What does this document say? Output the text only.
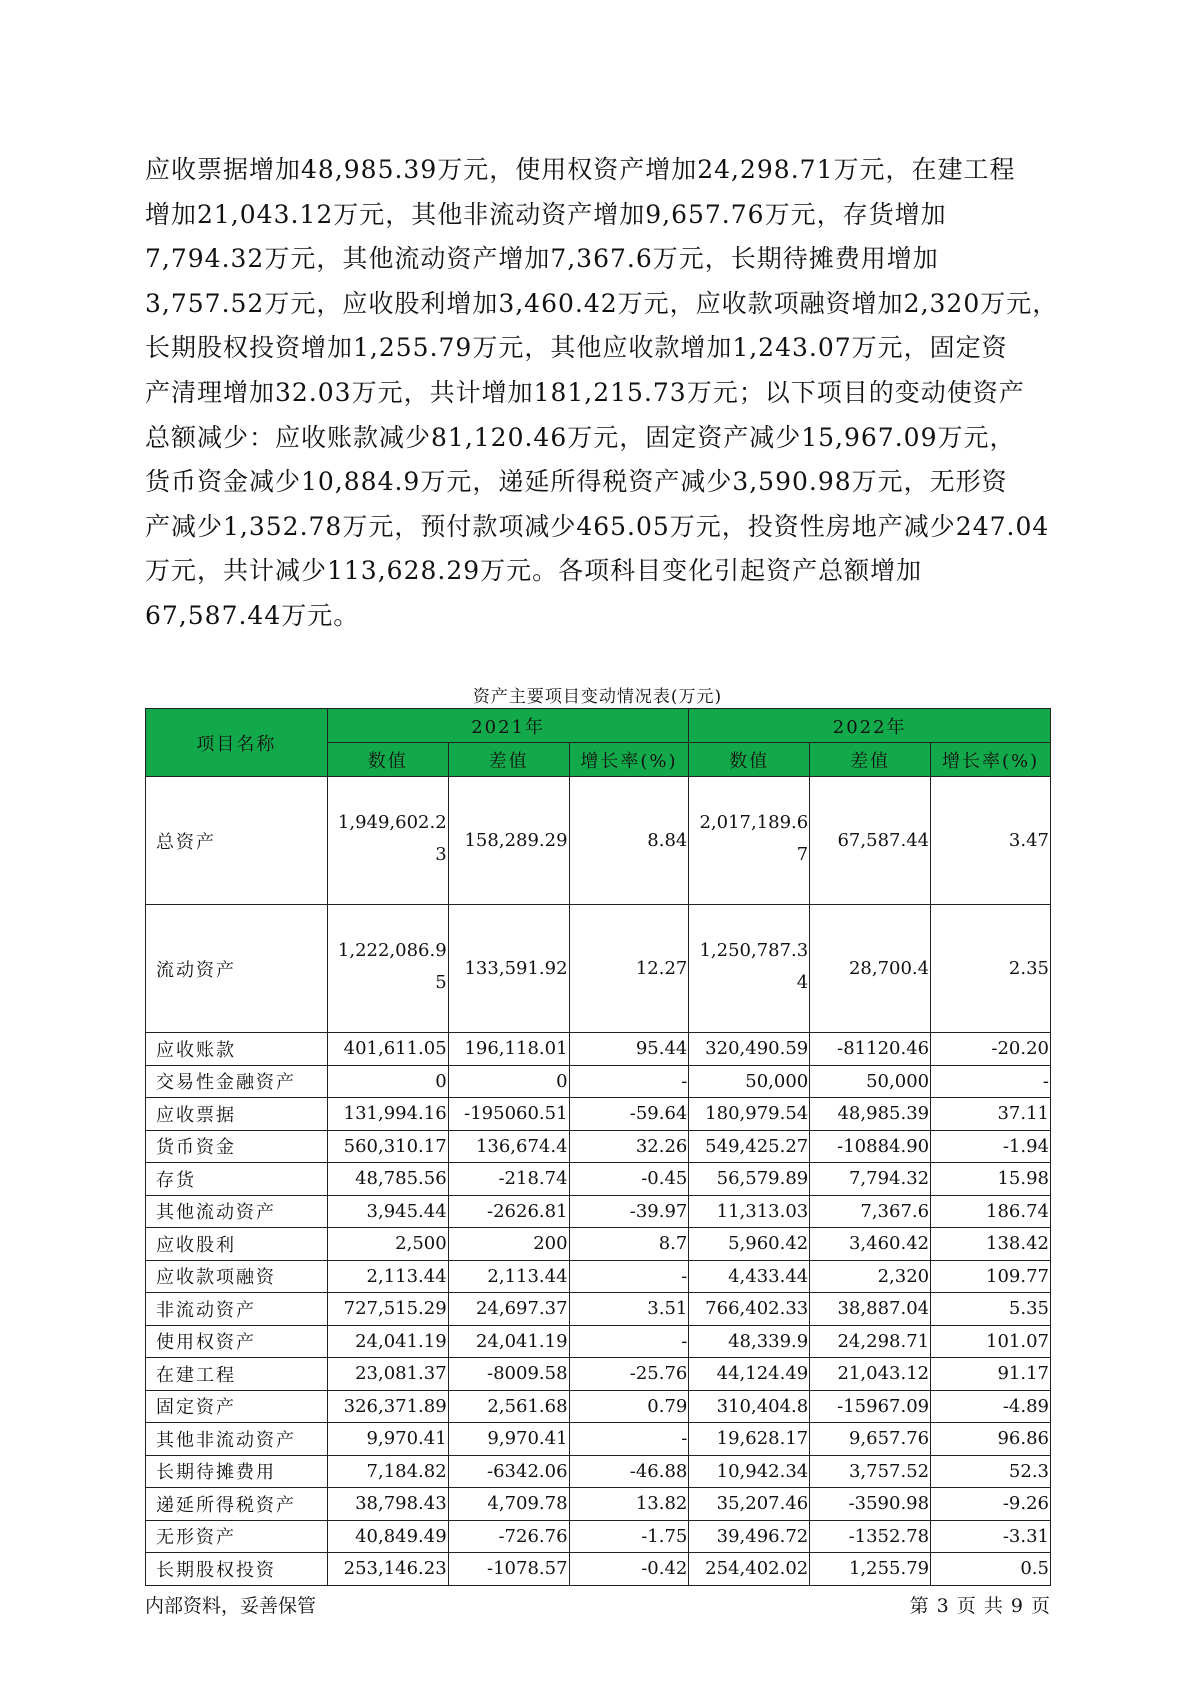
应收票据增加48,985.39万元，使用权资产增加24,298.71万元，在建工程
增加21,043.12万元，其他非流动资产增加9,657.76万元，存货增加
7,794.32万元，其他流动资产增加7,367.6万元，长期待摊费用增加
3,757.52万元，应收股利增加3,460.42万元，应收款项融资增加2,320万元，
长期股权投资增加1,255.79万元，其他应收款增加1,243.07万元，固定资
产清理增加32.03万元，共计增加181,215.73万元；以下项目的变动使资产
总额减少：应收账款减少81,120.46万元，固定资产减少15,967.09万元，
货币资金减少10,884.9万元，递延所得税资产减少3,590.98万元，无形资
产减少1,352.78万元，预付款项减少465.05万元，投资性房地产减少247.04
万元，共计减少113,628.29万元。各项科目变化引起资产总额增加
67,587.44万元。
资产主要项目变动情况表(万元)
项目名称	2021年			2022年		
	数值	差值	增长率(%)	数值	差值	增长率(%)
总资产	1,949,602.23	158,289.29	8.84	2,017,189.67	67,587.44	3.47
流动资产	1,222,086.95	133,591.92	12.27	1,250,787.34	28,700.4	2.35
应收账款	401,611.05	196,118.01	95.44	320,490.59	-81120.46	-20.20
交易性金融资产	0	0	-	50,000	50,000	-
应收票据	131,994.16	-195060.51	-59.64	180,979.54	48,985.39	37.11
货币资金	560,310.17	136,674.4	32.26	549,425.27	-10884.90	-1.94
存货	48,785.56	-218.74	-0.45	56,579.89	7,794.32	15.98
其他流动资产	3,945.44	-2626.81	-39.97	11,313.03	7,367.6	186.74
应收股利	2,500	200	8.7	5,960.42	3,460.42	138.42
应收款项融资	2,113.44	2,113.44	-	4,433.44	2,320	109.77
非流动资产	727,515.29	24,697.37	3.51	766,402.33	38,887.04	5.35
使用权资产	24,041.19	24,041.19	-	48,339.9	24,298.71	101.07
在建工程	23,081.37	-8009.58	-25.76	44,124.49	21,043.12	91.17
固定资产	326,371.89	2,561.68	0.79	310,404.8	-15967.09	-4.89
其他非流动资产	9,970.41	9,970.41	-	19,628.17	9,657.76	96.86
长期待摊费用	7,184.82	-6342.06	-46.88	10,942.34	3,757.52	52.3
递延所得税资产	38,798.43	4,709.78	13.82	35,207.46	-3590.98	-9.26
无形资产	40,849.49	-726.76	-1.75	39,496.72	-1352.78	-3.31
长期股权投资	253,146.23	-1078.57	-0.42	254,402.02	1,255.79	0.5
内部资料，妥善保管	第 3 页 共 9 页
